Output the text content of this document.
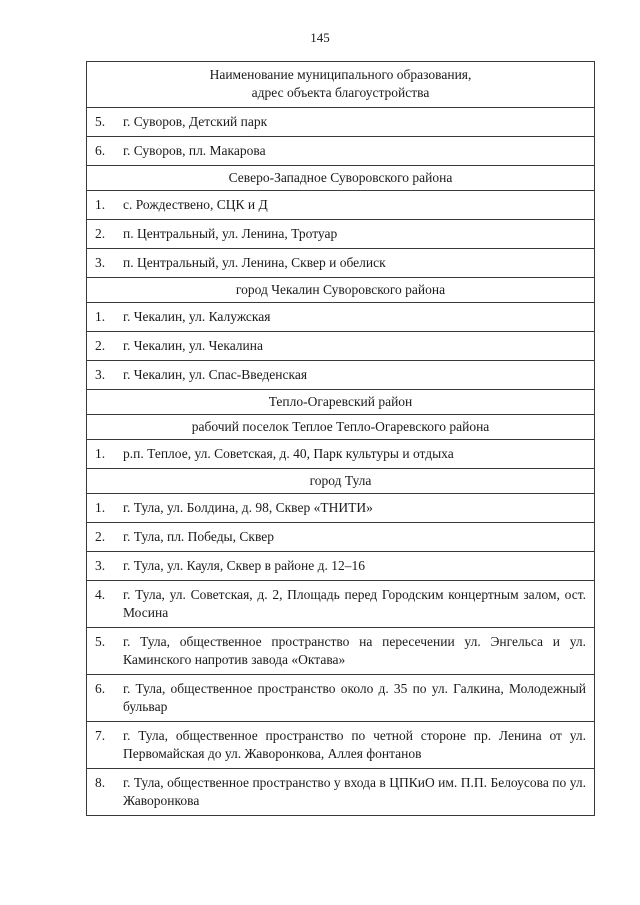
145
Наименование муниципального образования,
адрес объекта благоустройства

5.	г. Суворов, Детский парк

6.	г. Суворов, пл. Макарова

Северо-Западное Суворовского района

1.	с. Рождествено, СЦК и Д

2.	п. Центральный, ул. Ленина, Тротуар

3.	п. Центральный, ул. Ленина, Сквер и обелиск

город Чекалин Суворовского района

1.	г. Чекалин, ул. Калужская

2.	г. Чекалин, ул. Чекалина

3.	г. Чекалин, ул. Спас-Введенская

Тепло-Огаревский район
рабочий поселок Теплое Тепло-Огаревского района

1.	р.п. Теплое, ул. Советская, д. 40, Парк культуры и отдыха

город Тула

1.	г. Тула, ул. Болдина, д. 98, Сквер «ТНИТИ»

2.	г. Тула, пл. Победы, Сквер

3.	г. Тула, ул. Кауля, Сквер в районе д. 12–16

4.	г. Тула, ул. Советская, д. 2, Площадь перед Городским концертным залом, ост. Мосина

5.	г. Тула, общественное пространство на пересечении ул. Энгельса и ул. Каминского напротив завода «Октава»

6.	г. Тула, общественное пространство около д. 35 по ул. Галкина, Молодежный бульвар

7.	г. Тула, общественное пространство по четной стороне пр. Ленина от ул. Первомайская до ул. Жаворонкова, Аллея фонтанов

8.	г. Тула, общественное пространство у входа в ЦПКиО им. П.П. Белоусова по ул. Жаворонкова
